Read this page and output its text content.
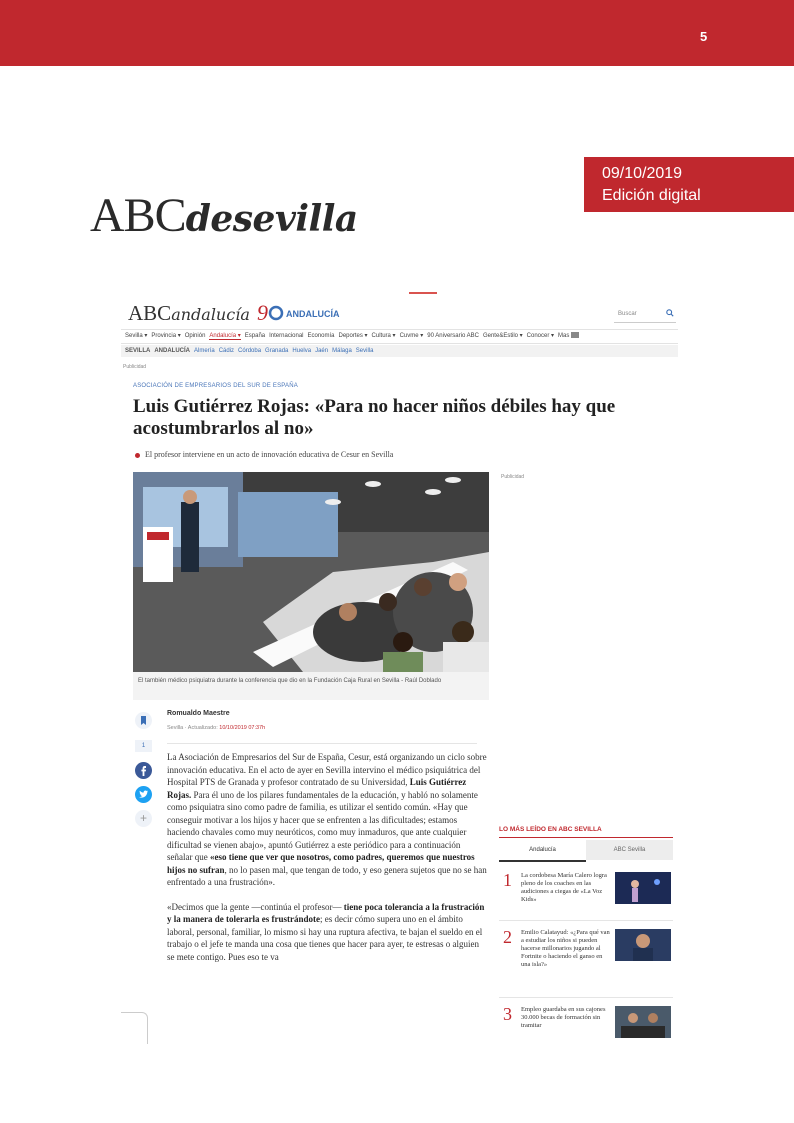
5
09/10/2019
Edición digital
ABCdesevilla
ABCandalucía 9 ANDALUCÍA	Buscar
Sevilla ▾ Provincia ▾ Opinión Andalucía ▾ España Internacional Economía Deportes ▾ Cultura ▾ Cuvme ▾ 90 Aniversario ABC Gente&Estilo ▾ Conocer ▾ Mas
SEVILLA ANDALUCÍA Almería Cádiz Córdoba Granada Huelva Jaén Málaga Sevilla
Publicidad
ASOCIACIÓN DE EMPRESARIOS DEL SUR DE ESPAÑA
Luis Gutiérrez Rojas: «Para no hacer niños débiles hay que acostumbrarlos al no»
El profesor interviene en un acto de innovación educativa de Cesur en Sevilla
El también médico psiquiatra durante la conferencia que dio en la Fundación Caja Rural en Sevilla - Raúl Doblado
Publicidad
1
+
Romualdo Maestre
Sevilla · Actualizado: 10/10/2019 07:37h

La Asociación de Empresarios del Sur de España, Cesur, está organizando un ciclo sobre innovación educativa. En el acto de ayer en Sevilla intervino el médico psiquiátrica del Hospital PTS de Granada y profesor contratado de su Universidad, Luis Gutiérrez Rojas. Para él uno de los pilares fundamentales de la educación, y habló no solamente como psiquiatra sino como padre de familia, es utilizar el sentido común. «Hay que conseguir motivar a los hijos y hacer que se enfrenten a las dificultades; estamos haciendo chavales como muy neuróticos, como muy inmaduros, que ante cualquier dificultad se vienen abajo», apuntó Gutiérrez a este periódico para a continuación señalar que «eso tiene que ver que nosotros, como padres, queremos que nuestros hijos no sufran, no lo pasen mal, que tengan de todo, y eso genera sujetos que no se han enfrentado a una frustración».

«Decimos que la gente —continúa el profesor— tiene poca tolerancia a la frustración y la manera de tolerarla es frustrándote; es decir cómo supera uno en el ámbito laboral, personal, familiar, lo mismo si hay una ruptura afectiva, te bajan el sueldo en el trabajo o el jefe te manda una cosa que tienes que hacer para ayer, te estresas o alguien se mete contigo. Pues eso te va

LO MÁS LEÍDO EN ABC SEVILLA
Andalucía	ABC Sevilla
1 La cordobesa María Calero logra pleno de los coaches en las audiciones a ciegas de «La Voz Kids»
2 Emilio Calatayud: «¿Para qué van a estudiar los niños si pueden hacerse millonarios jugando al Fortnite o haciendo el ganso en una isla?»
3 Empleo guardaba en sus cajones 30.000 becas de formación sin tramitar
